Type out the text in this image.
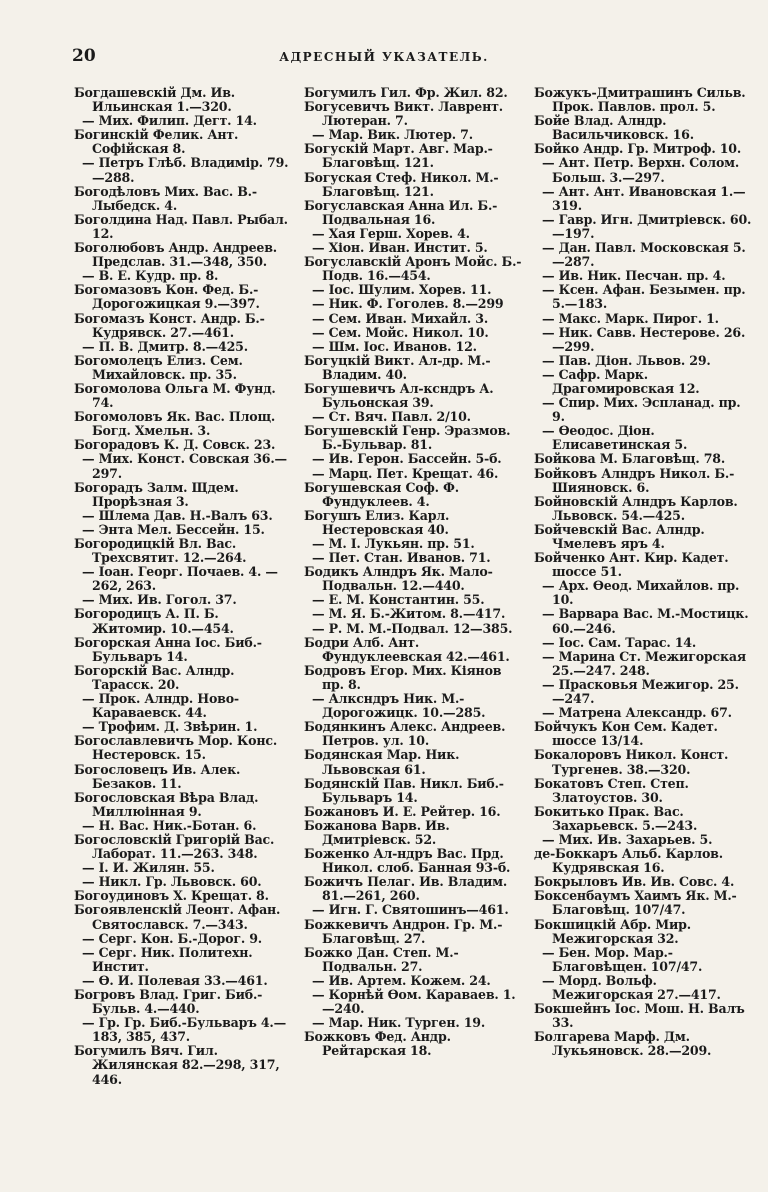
20	АДРЕСНЫЙ УКАЗАТЕЛЬ.
Богдашевскій Дм. Ив. Ильинская 1.—320.
— Мих. Филип. Дегт. 14.
Богинскій Фелик. Ант. Софійская 8.
— Петръ Глѣб. Владимір. 79.—288.
Богодѣловъ Мих. Вас. В.-Лыбедск. 4.
Боголдина Над. Павл. Рыбал. 12.
Боголюбовъ Андр. Андреев. Предслав. 31.—348, 350.
— В. Е. Кудр. пр. 8.
Богомазовъ Кон. Фед. Б.-Дорогожицкая 9.—397.
Богомазъ Конст. Андр. Б.-Кудрявск. 27.—461.
— П. В. Дмитр. 8.—425.
Богомолецъ Елиз. Сем. Михайловск. пр. 35.
Богомолова Ольга М. Фунд. 74.
Богомоловъ Як. Вас. Площ. Богд. Хмельн. 3.
Богорадовъ К. Д. Совск. 23.
— Мих. Конст. Совская 36.—297.
Богорадъ Залм. Щдем. Прорѣзная 3.
— Шлема Дав. Н.-Валъ 63.
— Энта Мел. Бессейн. 15.
Богородицкій Вл. Вас. Трехсвятит. 12.—264.
— Іоан. Георг. Почаев. 4. —262, 263.
— Мих. Ив. Гогол. 37.
Богородицъ А. П. Б. Житомир. 10.—454.
Богорская Анна Іос. Биб.-Бульваръ 14.
Богорскій Вас. Алндр. Тарасск. 20.
— Прок. Алндр. Ново-Караваевск. 44.
— Трофим. Д. Звѣрин. 1.
Богославлевичъ Мор. Конс. Нестеровск. 15.
Богословецъ Ив. Алек. Безаков. 11.
Богословская Вѣра Влад. Миллюінная 9.
— Н. Вас. Ник.-Ботан. 6.
Богословскій Григорій Вас. Лаборат. 11.—263. 348.
— І. И. Жилян. 55.
— Никл. Гр. Львовск. 60.
Богоудиновъ Х. Крещат. 8.
Богоявленскій Леонт. Афан. Святославск. 7.—343.
— Серг. Кон. Б.-Дорог. 9.
— Серг. Ник. Политехн. Инстит.
— Ѳ. И. Полевая 33.—461.
Богровъ Влад. Григ. Биб.-Бульв. 4.—440.
— Гр. Гр. Биб.-Бульваръ 4.—183, 385, 437.
Богумилъ Вяч. Гил. Жилянская 82.—298, 317, 446.
Богумилъ Гил. Фр. Жил. 82.
Богусевичъ Викт. Лаврент. Лютеран. 7.
— Мар. Вик. Лютер. 7.
Богускій Март. Авг. Мар.-Благовѣщ. 121.
Богуская Стеф. Никол. М.-Благовѣщ. 121.
Богуславская Анна Ил. Б.-Подвальная 16.
— Хая Герш. Хорев. 4.
— Хіон. Иван. Инстит. 5.
Богуславскій Аронъ Мойс. Б.-Подв. 16.—454.
— Іос. Шулим. Хорев. 11.
— Ник. Ф. Гоголев. 8.—299
— Сем. Иван. Михайл. 3.
— Сем. Мойс. Никол. 10.
— Шм. Іос. Иванов. 12.
Богуцкій Викт. Ал-др. М.-Владим. 40.
Богушевичъ Ал-ксндръ А. Бульонская 39.
— Ст. Вяч. Павл. 2/10.
Богушевскій Генр. Эразмов. Б.-Бульвар. 81.
— Ив. Герон. Бассейн. 5-б.
— Марц. Пет. Крещат. 46.
Богушевская Соф. Ф. Фундуклеев. 4.
Богушъ Елиз. Карл. Нестеровская 40.
— М. І. Лукьян. пр. 51.
— Пет. Стан. Иванов. 71.
Бодикъ Алндръ Як. Мало-Подвальн. 12.—440.
— Е. М. Константин. 55.
— М. Я. Б.-Житом. 8.—417.
— Р. М. М.-Подвал. 12—385.
Бодри Алб. Ант. Фундуклеевская 42.—461.
Бодровъ Егор. Мих. Кіянов пр. 8.
— Алксндръ Ник. М.-Дорогожицк. 10.—285.
Бодянкинъ Алекс. Андреев. Петров. ул. 10.
Бодянская Мар. Ник. Львовская 61.
Бодянскій Пав. Никл. Биб.-Бульваръ 14.
Божановъ И. Е. Рейтер. 16.
Божанова Варв. Ив. Дмитріевск. 52.
Боженко Ал-ндръ Вас. Прд. Никол. слоб. Банная 93-б.
Божичъ Пелаг. Ив. Владим. 81.—261, 260.
— Игн. Г. Святошинъ—461.
Божкевичъ Андрон. Гр. М.-Благовѣщ. 27.
Божко Дан. Степ. М.-Подвальн. 27.
— Ив. Артем. Кожем. 24.
— Корнѣй Ѳом. Караваев. 1.—240.
— Мар. Ник. Турген. 19.
Божковъ Фед. Андр. Рейтарская 18.
Божукъ-Дмитрашинъ Сильв. Прок. Павлов. прол. 5.
Бойе Влад. Алндр. Васильчиковск. 16.
Бойко Андр. Гр. Митроф. 10.
— Ант. Петр. Верхн. Солом. Больш. 3.—297.
— Ант. Ант. Ивановская 1.—319.
— Гавр. Игн. Дмитріевск. 60.—197.
— Дан. Павл. Московская 5.—287.
— Ив. Ник. Песчан. пр. 4.
— Ксен. Афан. Безымен. пр. 5.—183.
— Макс. Марк. Пирог. 1.
— Ник. Савв. Нестерове. 26.—299.
— Пав. Діон. Львов. 29.
— Сафр. Марк. Драгомировская 12.
— Спир. Мих. Эспланад. пр. 9.
— Ѳеодос. Діон. Елисаветинская 5.
Бойкова М. Благовѣщ. 78.
Бойковъ Алндръ Никол. Б.-Шияновск. 6.
Бойновскій Алндръ Карлов. Львовск. 54.—425.
Бойчевскій Вас. Алндр. Чмелевъ яръ 4.
Бойченко Ант. Кир. Кадет. шоссе 51.
— Арх. Ѳеод. Михайлов. пр. 10.
— Варвара Вас. М.-Мостицк. 60.—246.
— Іос. Сам. Тарас. 14.
— Марина Ст. Межигорская 25.—247. 248.
— Прасковья Межигор. 25. —247.
— Матрена Александр. 67.
Бойчукъ Кон Сем. Кадет. шоссе 13/14.
Бокалоровъ Никол. Конст. Тургенев. 38.—320.
Бокатовъ Степ. Степ. Златоустов. 30.
Бокитько Прак. Вас. Захарьевск. 5.—243.
— Мих. Ив. Захарьев. 5.
де-Боккаръ Альб. Карлов. Кудрявская 16.
Бокрыловъ Ив. Ив. Совс. 4.
Боксенбаумъ Хаимъ Як. М.-Благовѣщ. 107/47.
Бокшицкій Абр. Мир. Межигорская 32.
— Бен. Мор. Мар.-Благовѣщен. 107/47.
— Морд. Вольф. Межигорская 27.—417.
Бокшейнъ Іос. Мош. Н. Валъ 33.
Болгарева Марф. Дм. Лукьяновск. 28.—209.
